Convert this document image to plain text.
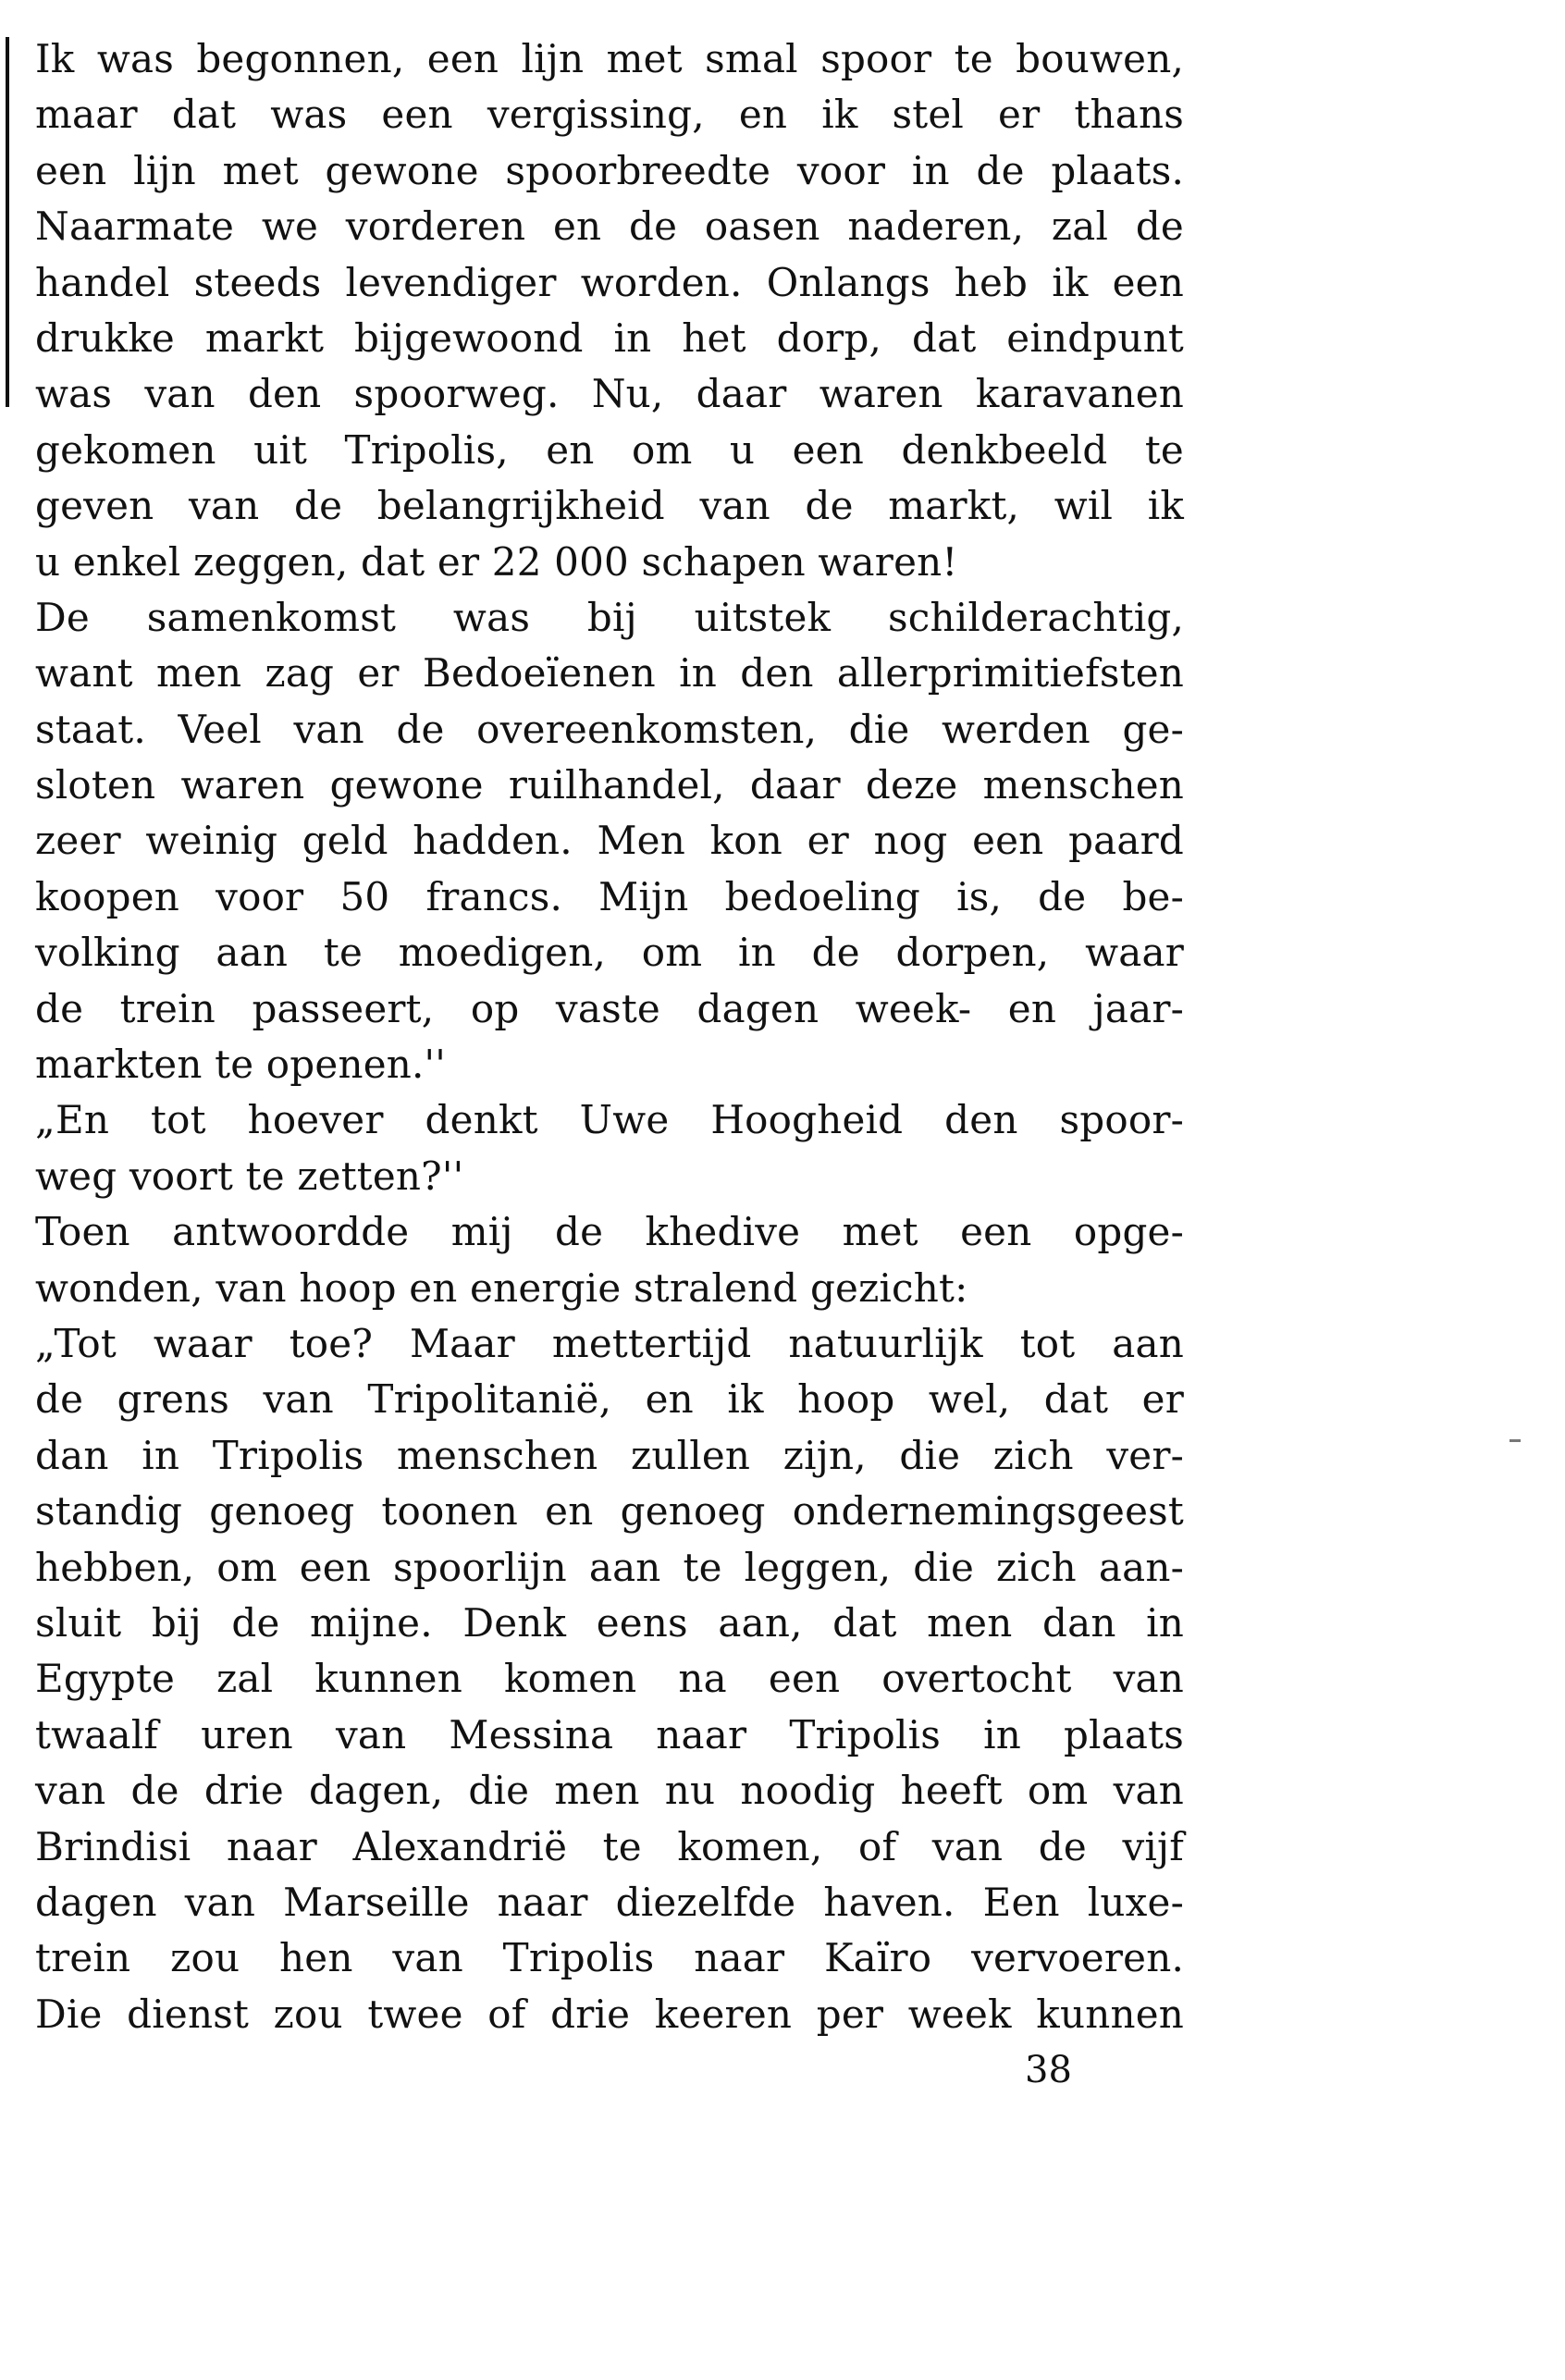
Ik was begonnen, een lijn met smal spoor te bouwen,
maar dat was een vergissing, en ik stel er thans
een lijn met gewone spoorbreedte voor in de plaats.
Naarmate we vorderen en de oasen naderen, zal de
handel steeds levendiger worden. Onlangs heb ik een
drukke markt bijgewoond in het dorp, dat eindpunt
was van den spoorweg. Nu, daar waren karavanen
gekomen uit Tripolis, en om u een denkbeeld te
geven van de belangrijkheid van de markt, wil ik
u enkel zeggen, dat er 22 000 schapen waren!
De samenkomst was bij uitstek schilderachtig,
want men zag er Bedoeïenen in den allerprimitiefsten
staat. Veel van de overeenkomsten, die werden ge-
sloten waren gewone ruilhandel, daar deze menschen
zeer weinig geld hadden. Men kon er nog een paard
koopen voor 50 francs. Mijn bedoeling is, de be-
volking aan te moedigen, om in de dorpen, waar
de trein passeert, op vaste dagen week- en jaar-
markten te openen.''
„En tot hoever denkt Uwe Hoogheid den spoor-
weg voort te zetten?''
Toen antwoordde mij de khedive met een opge-
wonden, van hoop en energie stralend gezicht:
„Tot waar toe? Maar mettertijd natuurlijk tot aan
de grens van Tripolitanië, en ik hoop wel, dat er
dan in Tripolis menschen zullen zijn, die zich ver-
standig genoeg toonen en genoeg ondernemingsgeest
hebben, om een spoorlijn aan te leggen, die zich aan-
sluit bij de mijne. Denk eens aan, dat men dan in
Egypte zal kunnen komen na een overtocht van
twaalf uren van Messina naar Tripolis in plaats
van de drie dagen, die men nu noodig heeft om van
Brindisi naar Alexandrië te komen, of van de vijf
dagen van Marseille naar diezelfde haven. Een luxe-
trein zou hen van Tripolis naar Kaïro vervoeren.
Die dienst zou twee of drie keeren per week kunnen
38
